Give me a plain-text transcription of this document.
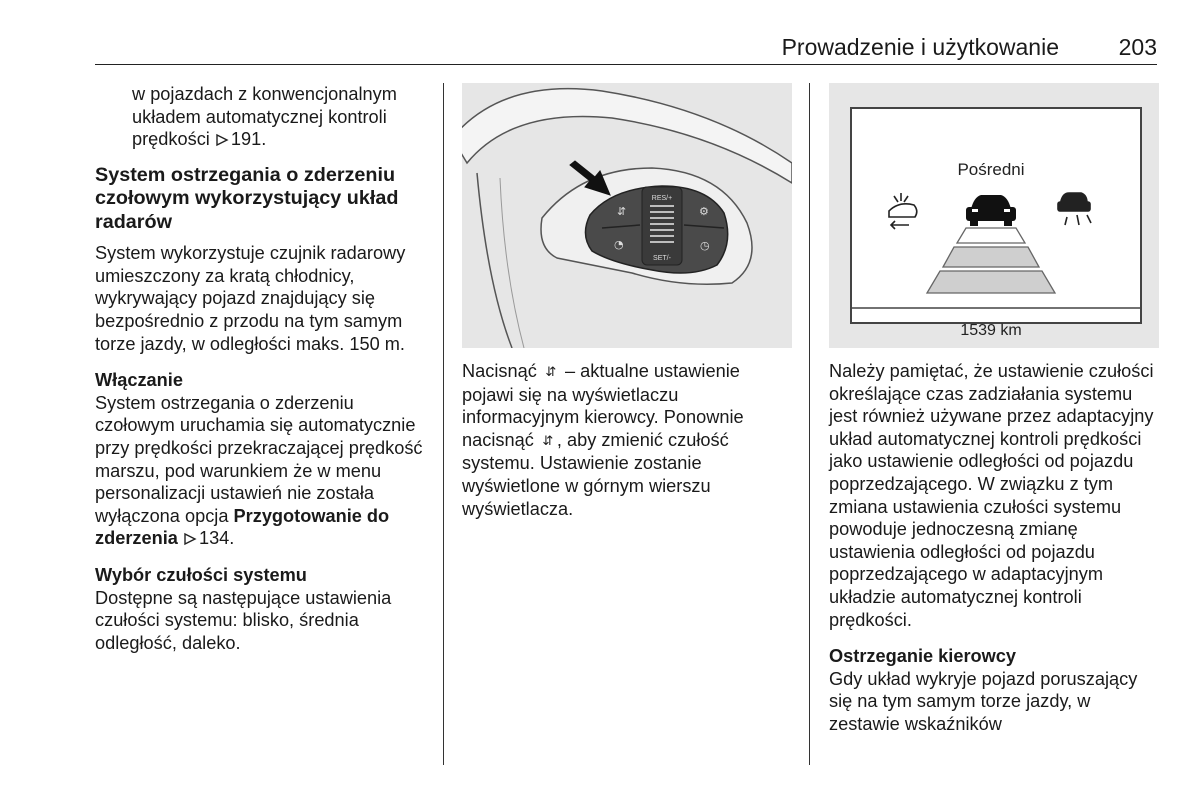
Prowadzenie i użytkowanie	203

w pojazdach z konwencjonalnym układem automatycznej kontroli prędkości 191.

System ostrzegania o zderzeniu czołowym wykorzystujący układ radarów

System wykorzystuje czujnik radarowy umieszczony za kratą chłodnicy, wykrywający pojazd znajdujący się bezpośrednio z przodu na tym samym torze jazdy, w odległości maks. 150 m.

Włączanie

System ostrzegania o zderzeniu czołowym uruchamia się automatycznie przy prędkości przekraczającej prędkość marszu, pod warunkiem że w menu personalizacji ustawień nie została wyłączona opcja Przygotowanie do zderzenia 134.

Wybór czułości systemu

Dostępne są następujące ustawienia czułości systemu: blisko, średnia odległość, daleko.

RES/+
SET/-
⇵
◔
⚙
◷

Nacisnąć ⇵ – aktualne ustawienie pojawi się na wyświetlaczu informacyjnym kierowcy. Ponownie nacisnąć ⇵ , aby zmienić czułość systemu. Ustawienie zostanie wyświetlone w górnym wierszu wyświetlacza.

Pośredni
1539 km

Należy pamiętać, że ustawienie czułości określające czas zadziałania systemu jest również używane przez adaptacyjny układ automatycznej kontroli prędkości jako ustawienie odległości od pojazdu poprzedzającego. W związku z tym zmiana ustawienia czułości systemu powoduje jednoczesną zmianę ustawienia odległości od pojazdu poprzedzającego w adaptacyjnym układzie automatycznej kontroli prędkości.

Ostrzeganie kierowcy

Gdy układ wykryje pojazd poruszający się na tym samym torze jazdy, w zestawie wskaźników
